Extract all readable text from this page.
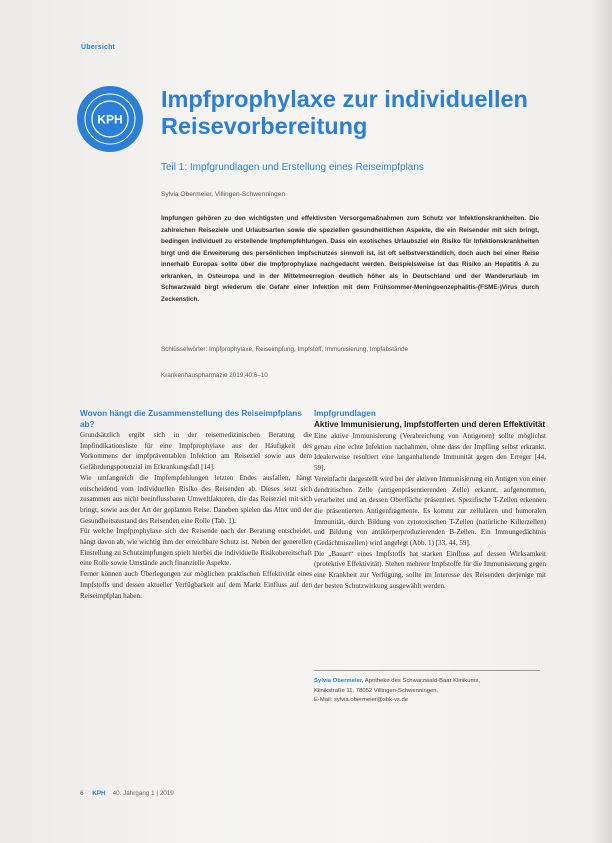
Übersicht
KPH
Impfprophylaxe zur individuellen Reisevorbereitung

Teil 1: Impfgrundlagen und Erstellung eines Reiseimpfplans

Sylvia Obermeier, Villingen-Schwenningen

Impfungen gehören zu den wichtigsten und effektivsten Versorgemaßnahmen zum Schutz vor Infektionskrankheiten. Die zahlreichen Reiseziele und Urlaubsarten sowie die speziellen gesundheitlichen Aspekte, die ein Reisender mit sich bringt, bedingen individuell zu erstellende Impfempfehlungen. Dass ein exotisches Urlaubsziel ein Risiko für Infektionskrankheiten birgt und die Erweiterung des persönlichen Impfschutzes sinnvoll ist, ist oft selbstverständlich, doch auch bei einer Reise innerhalb Europas sollte über die Impfprophylaxe nachgedacht werden. Beispielsweise ist das Risiko an Hepatitis A zu erkranken, in Osteuropa und in der Mittelmeerregion deutlich höher als in Deutschland und der Wanderurlaub im Schwarzwald birgt wiederum die Gefahr einer Infektion mit dem Frühsommer-Meningoenzephalitis-(FSME-)Virus durch Zeckenstich.

Schlüsselwörter: Impfprophylaxe, Reiseimpfung, Impfstoff, Immunisierung, Impfabstände
Krankenhauspharmazie 2019;40:6–10
Wovon hängt die Zusammenstellung des Reiseimpfplans ab?

Grundsätzlich ergibt sich in der reisemedizinischen Beratung die Impfindikationsliste für eine Impfprophylaxe aus der Häufigkeit des Vorkommens der impfpräventablen Infektion am Reiseziel sowie aus dem Gefährdungspotenzial im Erkrankungsfall [14].

Wie umfangreich die Impfempfehlungen letzten Endes ausfallen, hängt entscheidend vom individuellen Risiko des Reisenden ab. Dieses setzt sich zusammen aus nicht beeinflussbaren Umweltfaktoren, die das Reiseziel mit sich bringt, sowie aus der Art der geplanten Reise. Daneben spielen das Alter und der Gesundheitszustand des Reisenden eine Rolle (Tab. 1).

Für welche Impfprophylaxe sich der Reisende nach der Beratung entscheidet, hängt davon ab, wie wichtig ihm der erreichbare Schutz ist. Neben der generellen Einstellung zu Schutzimpfungen spielt hierbei die individuelle Risikobereitschaft eine Rolle sowie Umstände auch finanzielle Aspekte.

Ferner können auch Überlegungen zur möglichen praktischen Effektivität eines Impfstoffs und dessen aktueller Verfügbarkeit auf dem Markt Einfluss auf den Reiseimpfplan haben.

Impfgrundlagen
Aktive Immunisierung, Impfstofferten und deren Effektivität

Eine aktive Immunisierung (Verabreichung von Antigenen) sollte möglichst genau eine echte Infektion nachahmen, ohne dass der Impfling selbst erkrankt. Idealerweise resultiert eine langanhaltende Immunität gegen den Erreger [44, 59].

Vereinfacht dargestellt wird bei der aktiven Immunisierung ein Antigen von einer dendritischen Zelle (antigenpräsentierenden Zelle) erkannt, aufgenommen, verarbeitet und an dessen Oberfläche präsentiert. Spezifische T-Zellen erkennen die präsentierten Antigenfragmente. Es kommt zur zellulären und humoralen Immunität, durch Bildung von zytotoxischen T-Zellen (natürliche Killerzellen) und Bildung von antikörperproduzierenden B-Zellen. Ein Immungedächtnis (Gedächtniszellen) wird angelegt (Abb. 1) [33, 44, 59].

Die „Bauart“ eines Impfstoffs hat starken Einfluss auf dessen Wirksamkeit (protektive Effektivität). Stehen mehrere Impfstoffe für die Immunisierung gegen eine Krankheit zur Verfügung, sollte im Interesse des Reisenden derjenige mit der besten Schutzwirkung ausgewählt werden.

Sylvia Obermeier, Apotheke des Schwarzwald-Baar Klinikums,
Klinikstraße 11, 78052 Villingen-Schwenningen,
E-Mail: sylvia.obermeier@sbk-vs.de
6 KPH 40. Jahrgang 1 | 2019
